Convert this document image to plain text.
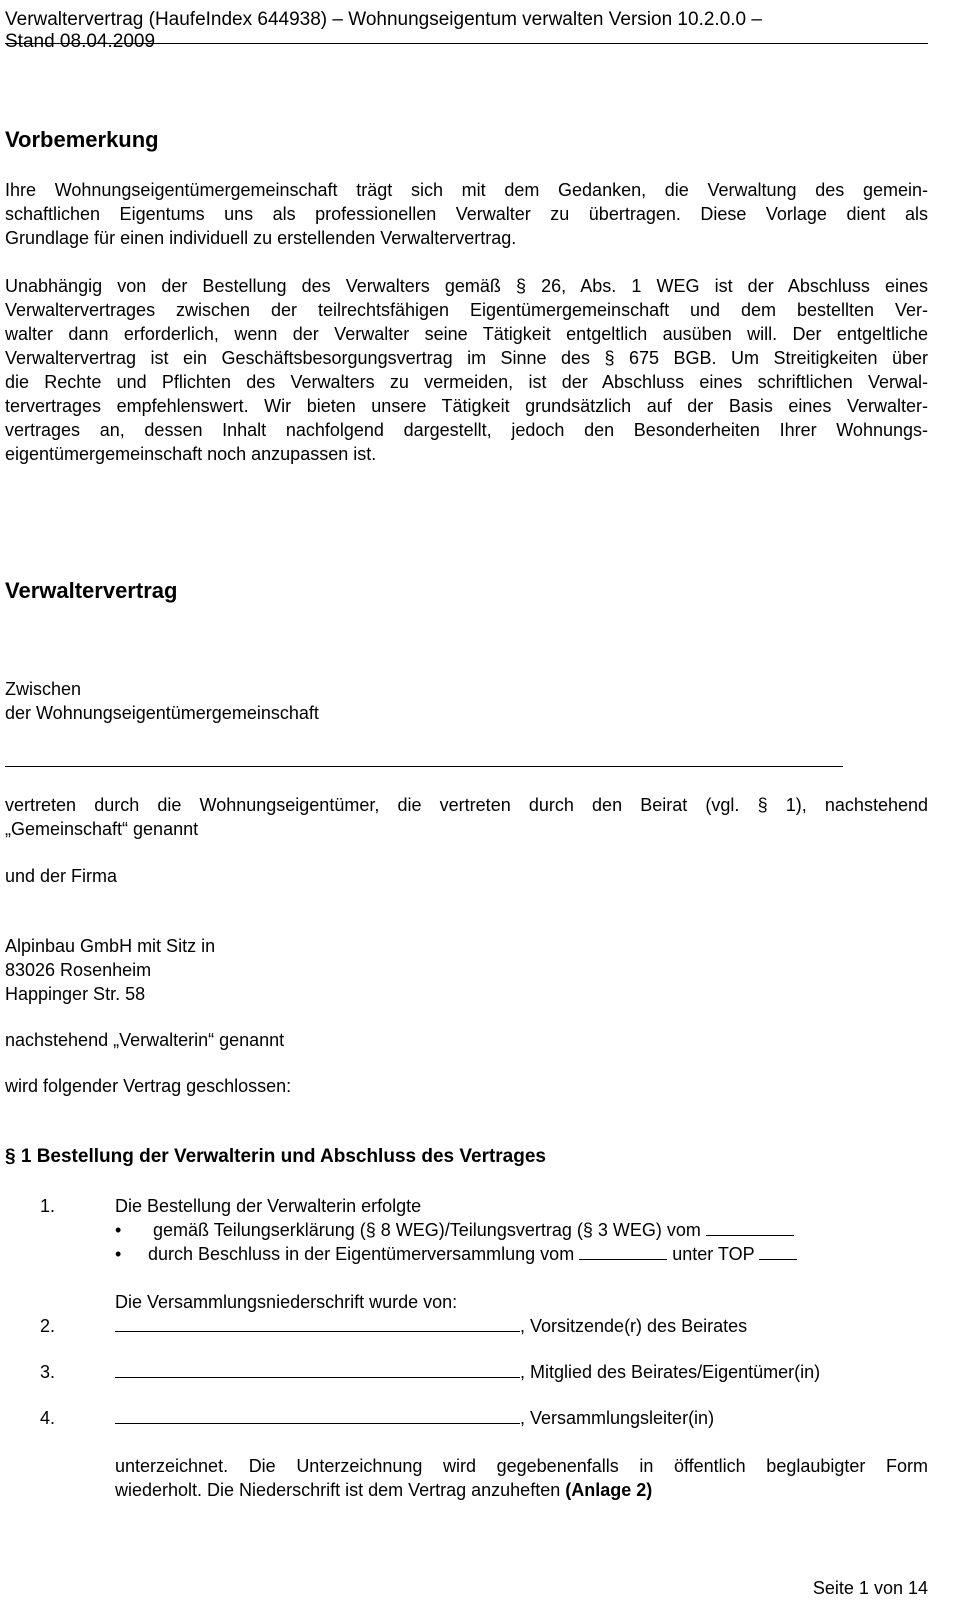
Verwaltervertrag (HaufeIndex 644938) – Wohnungseigentum verwalten Version 10.2.0.0 –
Stand 08.04.2009
Vorbemerkung
Ihre Wohnungseigentümergemeinschaft trägt sich mit dem Gedanken, die Verwaltung des gemein-
schaftlichen Eigentums uns als professionellen Verwalter zu übertragen. Diese Vorlage dient als
Grundlage für einen individuell zu erstellenden Verwaltervertrag.
Unabhängig von der Bestellung des Verwalters gemäß § 26, Abs. 1 WEG ist der Abschluss eines
Verwaltervertrages zwischen der teilrechtsfähigen Eigentümergemeinschaft und dem bestellten Ver-
walter dann erforderlich, wenn der Verwalter seine Tätigkeit entgeltlich ausüben will. Der entgeltliche
Verwaltervertrag ist ein Geschäftsbesorgungsvertrag im Sinne des § 675 BGB. Um Streitigkeiten über
die Rechte und Pflichten des Verwalters zu vermeiden, ist der Abschluss eines schriftlichen Verwal-
tervertrages empfehlenswert. Wir bieten unsere Tätigkeit grundsätzlich auf der Basis eines Verwalter-
vertrages an, dessen Inhalt nachfolgend dargestellt, jedoch den Besonderheiten Ihrer Wohnungs-
eigentümergemeinschaft noch anzupassen ist.
Verwaltervertrag
Zwischen
der Wohnungseigentümergemeinschaft
vertreten durch die Wohnungseigentümer, die vertreten durch den Beirat (vgl. § 1), nachstehend
„Gemeinschaft“ genannt
und der Firma
Alpinbau GmbH mit Sitz in
83026 Rosenheim
Happinger Str. 58
nachstehend „Verwalterin“ genannt
wird folgender Vertrag geschlossen:
§ 1 Bestellung der Verwalterin und Abschluss des Vertrages
1.	Die Bestellung der Verwalterin erfolgte
• gemäß Teilungserklärung (§ 8 WEG)/Teilungsvertrag (§ 3 WEG) vom
• durch Beschluss in der Eigentümerversammlung vom	unter TOP
Die Versammlungsniederschrift wurde von:
2.	, Vorsitzende(r) des Beirates
3.	, Mitglied des Beirates/Eigentümer(in)
4.	, Versammlungsleiter(in)
unterzeichnet. Die Unterzeichnung wird gegebenenfalls in öffentlich beglaubigter Form
wiederholt. Die Niederschrift ist dem Vertrag anzuheften (Anlage 2)
Seite 1 von 14
